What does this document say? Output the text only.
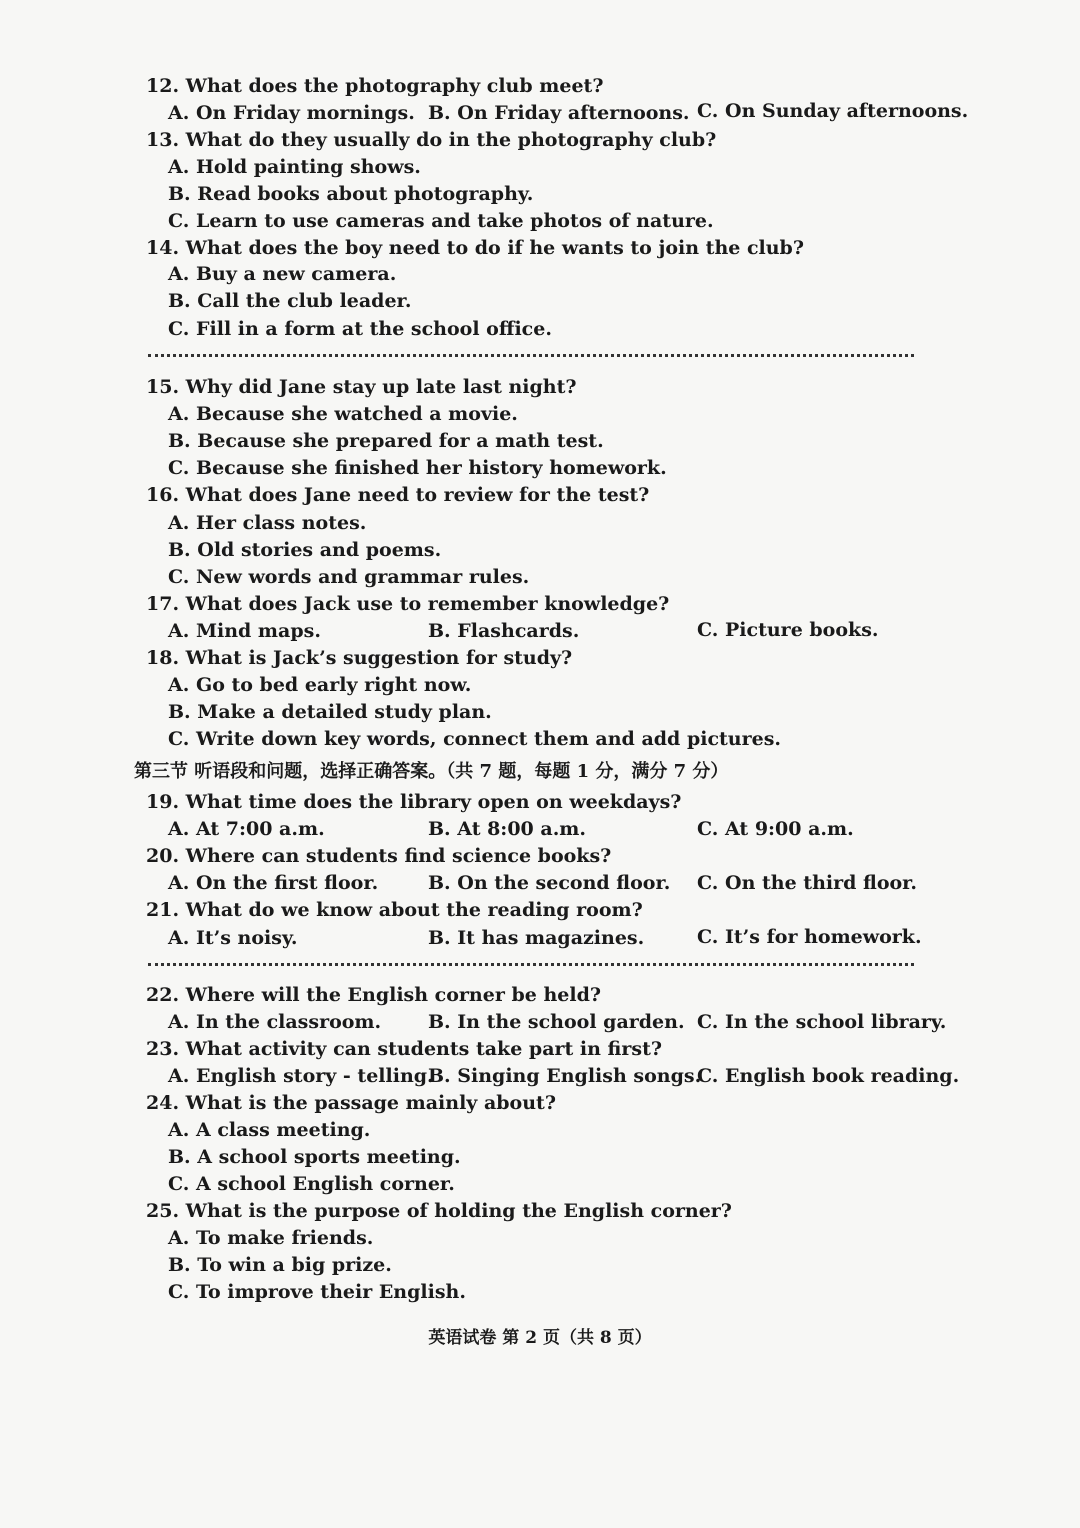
12. What does the photography club meet?
A. On Friday mornings. B. On Friday afternoons. C. On Sunday afternoons.
13. What do they usually do in the photography club?
A. Hold painting shows.
B. Read books about photography.
C. Learn to use cameras and take photos of nature.
14. What does the boy need to do if he wants to join the club?
A. Buy a new camera.
B. Call the club leader.
C. Fill in a form at the school office.
15. Why did Jane stay up late last night?
A. Because she watched a movie.
B. Because she prepared for a math test.
C. Because she finished her history homework.
16. What does Jane need to review for the test?
A. Her class notes.
B. Old stories and poems.
C. New words and grammar rules.
17. What does Jack use to remember knowledge?
A. Mind maps.	B. Flashcards.	C. Picture books.
18. What is Jack’s suggestion for study?
A. Go to bed early right now.
B. Make a detailed study plan.
C. Write down key words, connect them and add pictures.
第三节 听语段和问题，选择正确答案。（共 7 题，每题 1 分，满分 7 分）
19. What time does the library open on weekdays?
A. At 7:00 a.m.	B. At 8:00 a.m.	C. At 9:00 a.m.
20. Where can students find science books?
A. On the first floor.	B. On the second floor. C. On the third floor.
21. What do we know about the reading room?
A. It’s noisy.	B. It has magazines.	C. It’s for homework.
22. Where will the English corner be held?
A. In the classroom. B. In the school garden. C. In the school library.
23. What activity can students take part in first?
A. English story - telling.
B. Singing English songs.
C. English book reading.
24. What is the passage mainly about?
A. A class meeting.
B. A school sports meeting.
C. A school English corner.
25. What is the purpose of holding the English corner?
A. To make friends.
B. To win a big prize.
C. To improve their English.
英语试卷 第 2 页（共 8 页）
